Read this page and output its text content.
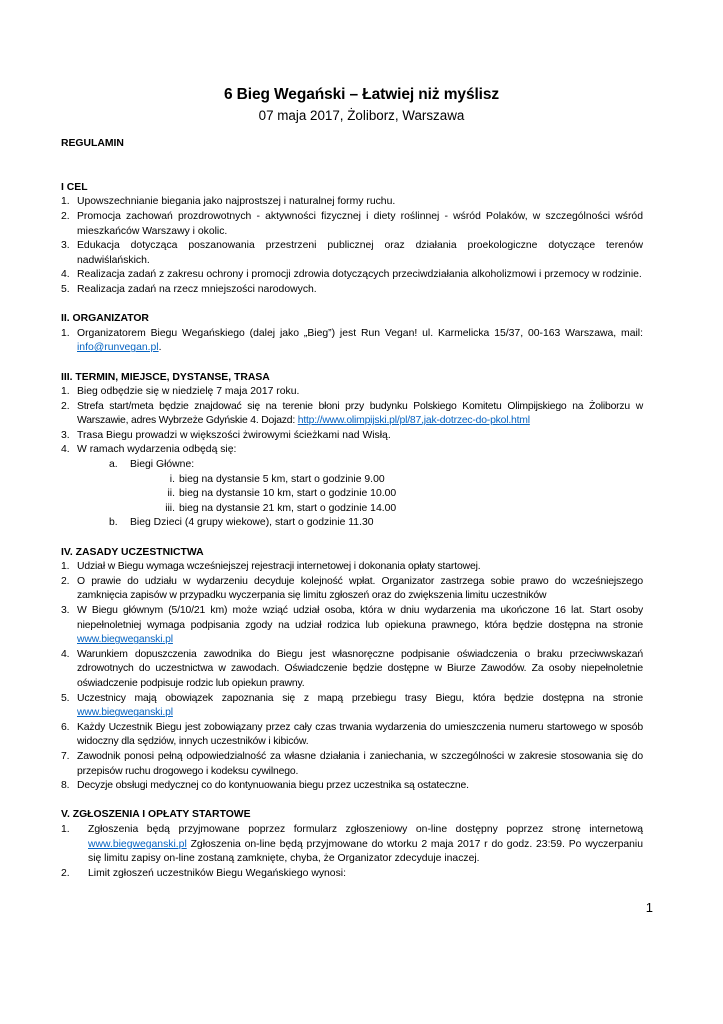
6 Bieg Wegański – Łatwiej niż myślisz
07 maja 2017, Żoliborz, Warszawa
REGULAMIN
I CEL
1. Upowszechnianie biegania jako najprostszej i naturalnej formy ruchu.
2. Promocja zachowań prozdrowotnych - aktywności fizycznej i diety roślinnej - wśród Polaków, w szczególności wśród mieszkańców Warszawy i okolic.
3. Edukacja dotycząca poszanowania przestrzeni publicznej oraz działania proekologiczne dotyczące terenów nadwiślańskich.
4. Realizacja zadań z zakresu ochrony i promocji zdrowia dotyczących przeciwdziałania alkoholizmowi i przemocy w rodzinie.
5. Realizacja zadań na rzecz mniejszości narodowych.
II. ORGANIZATOR
1. Organizatorem Biegu Wegańskiego (dalej jako „Bieg”) jest Run Vegan! ul. Karmelicka 15/37, 00-163 Warszawa, mail: info@runvegan.pl.
III. TERMIN, MIEJSCE, DYSTANSE, TRASA
1. Bieg odbędzie się w niedzielę 7 maja 2017 roku.
2. Strefa start/meta będzie znajdować się na terenie błoni przy budynku Polskiego Komitetu Olimpijskiego na Żoliborzu w Warszawie, adres Wybrzeże Gdyńskie 4. Dojazd: http://www.olimpijski.pl/pl/87,jak-dotrzec-do-pkol.html
3. Trasa Biegu prowadzi w większości żwirowymi ścieżkami nad Wisłą.
4. W ramach wydarzenia odbędą się:
a.	Biegi Główne:
i. bieg na dystansie 5 km, start o godzinie 9.00
ii. bieg na dystansie 10 km, start o godzinie 10.00
iii. bieg na dystansie 21 km, start o godzinie 14.00
b.	Bieg Dzieci (4 grupy wiekowe), start o godzinie 11.30
IV. ZASADY UCZESTNICTWA
1. Udział w Biegu wymaga wcześniejszej rejestracji internetowej i dokonania opłaty startowej.
2. O prawie do udziału w wydarzeniu decyduje kolejność wpłat. Organizator zastrzega sobie prawo do wcześniejszego zamknięcia zapisów w przypadku wyczerpania się limitu zgłoszeń oraz do zwiększenia limitu uczestników
3. W Biegu głównym (5/10/21 km) może wziąć udział osoba, która w dniu wydarzenia ma ukończone 16 lat. Start osoby niepełnoletniej wymaga podpisania zgody na udział rodzica lub opiekuna prawnego, która będzie dostępna na stronie www.biegweganski.pl
4. Warunkiem dopuszczenia zawodnika do Biegu jest własnoręczne podpisanie oświadczenia o braku przeciwwskazań zdrowotnych do uczestnictwa w zawodach. Oświadczenie będzie dostępne w Biurze Zawodów. Za osoby niepełnoletnie oświadczenie podpisuje rodzic lub opiekun prawny.
5. Uczestnicy mają obowiązek zapoznania się z mapą przebiegu trasy Biegu, która będzie dostępna na stronie www.biegweganski.pl
6. Każdy Uczestnik Biegu jest zobowiązany przez cały czas trwania wydarzenia do umieszczenia numeru startowego w sposób widoczny dla sędziów, innych uczestników i kibiców.
7. Zawodnik ponosi pełną odpowiedzialność za własne działania i zaniechania, w szczególności w zakresie stosowania się do przepisów ruchu drogowego i kodeksu cywilnego.
8. Decyzje obsługi medycznej co do kontynuowania biegu przez uczestnika są ostateczne.
V. ZGŁOSZENIA I OPŁATY STARTOWE
1.	Zgłoszenia będą przyjmowane poprzez formularz zgłoszeniowy on-line dostępny poprzez stronę internetową www.biegweganski.pl Zgłoszenia on-line będą przyjmowane do wtorku 2 maja 2017 r do godz. 23:59. Po wyczerpaniu się limitu zapisy on-line zostaną zamknięte, chyba, że Organizator zdecyduje inaczej.
2.	Limit zgłoszeń uczestników Biegu Wegańskiego wynosi:
1
